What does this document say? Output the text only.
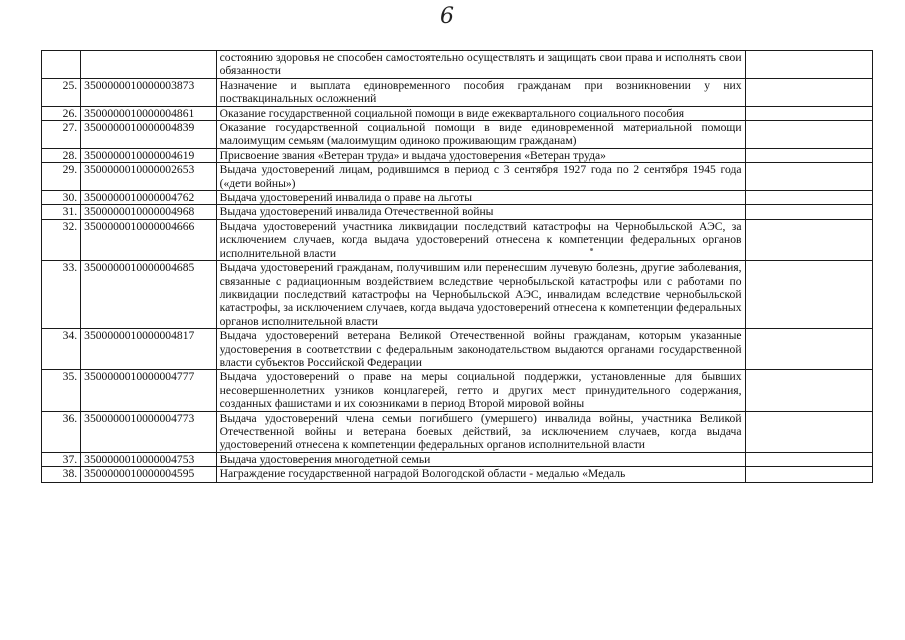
6
		состоянию здоровья не способен самостоятельно осуществлять и защищать свои права и исполнять свои обязанности	
25.	3500000010000003873	Назначение и выплата единовременного пособия гражданам при возникновении у них поствакцинальных осложнений	
26.	3500000010000004861	Оказание государственной социальной помощи в виде ежеквартального социального пособия	
27.	3500000010000004839	Оказание государственной социальной помощи в виде единовременной материальной помощи малоимущим семьям (малоимущим одиноко проживающим гражданам)	
28.	3500000010000004619	Присвоение звания «Ветеран труда» и выдача удостоверения «Ветеран труда»	
29.	3500000010000002653	Выдача удостоверений лицам, родившимся в период с 3 сентября 1927 года по 2 сентября 1945 года («дети войны»)	
30.	3500000010000004762	Выдача удостоверений инвалида о праве на льготы	
31.	3500000010000004968	Выдача удостоверений инвалида Отечественной войны	
32.	3500000010000004666	Выдача удостоверений участника ликвидации последствий катастрофы на Чернобыльской АЭС, за исключением случаев, когда выдача удостоверений отнесена к компетенции федеральных органов исполнительной власти	
33.	3500000010000004685	Выдача удостоверений гражданам, получившим или перенесшим лучевую болезнь, другие заболевания, связанные с радиационным воздействием вследствие чернобыльской катастрофы или с работами по ликвидации последствий катастрофы на Чернобыльской АЭС, инвалидам вследствие чернобыльской катастрофы, за исключением случаев, когда выдача удостоверений отнесена к компетенции федеральных органов исполнительной власти	
34.	3500000010000004817	Выдача удостоверений ветерана Великой Отечественной войны гражданам, которым указанные удостоверения в соответствии с федеральным законодательством выдаются органами государственной власти субъектов Российской Федерации	
35.	3500000010000004777	Выдача удостоверений о праве на меры социальной поддержки, установленные для бывших несовершеннолетних узников концлагерей, гетто и других мест принудительного содержания, созданных фашистами и их союзниками в период Второй мировой войны	
36.	3500000010000004773	Выдача удостоверений члена семьи погибшего (умершего) инвалида войны, участника Великой Отечественной войны и ветерана боевых действий, за исключением случаев, когда выдача удостоверений отнесена к компетенции федеральных органов исполнительной власти	
37.	3500000010000004753	Выдача удостоверения многодетной семьи	
38.	3500000010000004595	Награждение государственной наградой Вологодской области - медалью «Медаль	
